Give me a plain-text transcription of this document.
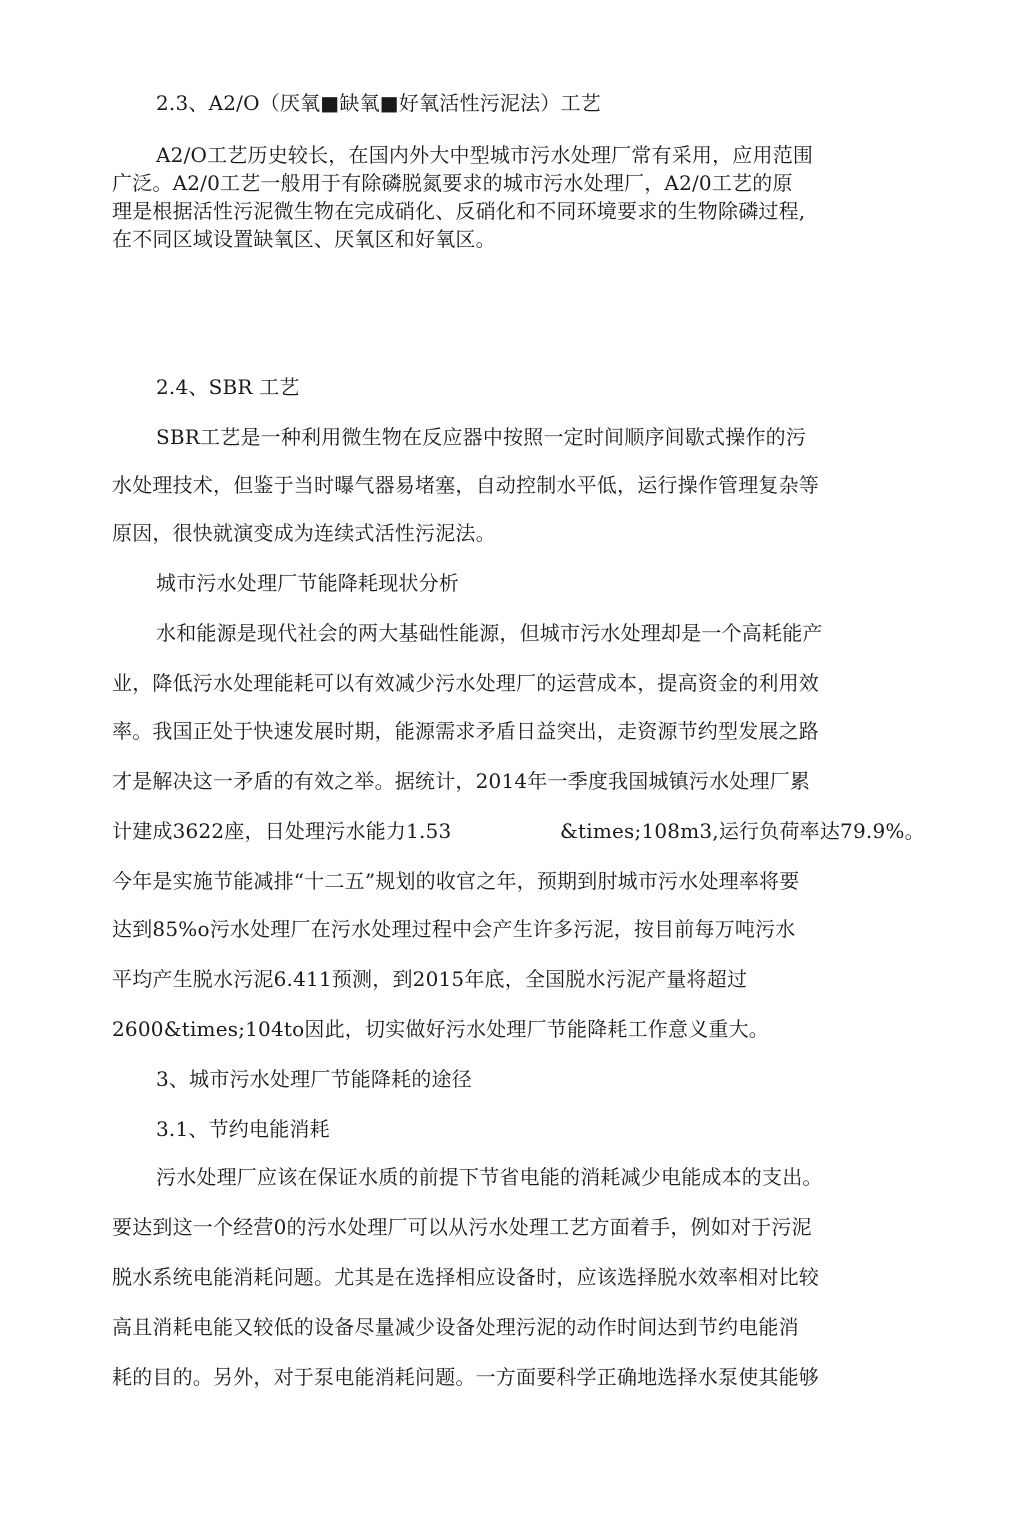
2.3、A2/O（厌氧■缺氧■好氧活性污泥法）工艺

A2/O工艺历史较长，在国内外大中型城市污水处理厂常有采用，应用范围

广泛。A2/0工艺一般用于有除磷脱氮要求的城市污水处理厂，A2/0工艺的原

理是根据活性污泥微生物在完成硝化、反硝化和不同环境要求的生物除磷过程,

在不同区域设置缺氧区、厌氧区和好氧区。

2.4、SBR 工艺

SBR工艺是一种利用微生物在反应器中按照一定时间顺序间歇式操作的污

水处理技术，但鉴于当时曝气器易堵塞，自动控制水平低，运行操作管理复杂等

原因，很快就演变成为连续式活性污泥法。

城市污水处理厂节能降耗现状分析

水和能源是现代社会的两大基础性能源，但城市污水处理却是一个高耗能产

业，降低污水处理能耗可以有效减少污水处理厂的运营成本，提高资金的利用效

率。我国正处于快速发展时期，能源需求矛盾日益突出，走资源节约型发展之路

才是解决这一矛盾的有效之举。据统计，2014年一季度我国城镇污水处理厂累

计建成3622座，日处理污水能力1.53	&times;108m3,运行负荷率达79.9%。

今年是实施节能减排“十二五”规划的收官之年，预期到肘城市污水处理率将要

达到85%o污水处理厂在污水处理过程中会产生许多污泥，按目前每万吨污水

平均产生脱水污泥6.411预测，到2015年底，全国脱水污泥产量将超过

2600&times;104to因此，切实做好污水处理厂节能降耗工作意义重大。

3、城市污水处理厂节能降耗的途径

3.1、节约电能消耗

污水处理厂应该在保证水质的前提下节省电能的消耗减少电能成本的支出。

要达到这一个经营0的污水处理厂可以从污水处理工艺方面着手，例如对于污泥

脱水系统电能消耗问题。尤其是在选择相应设备时，应该选择脱水效率相对比较

高且消耗电能又较低的设备尽量减少设备处理污泥的动作时间达到节约电能消

耗的目的。另外，对于泵电能消耗问题。一方面要科学正确地选择水泵使其能够
